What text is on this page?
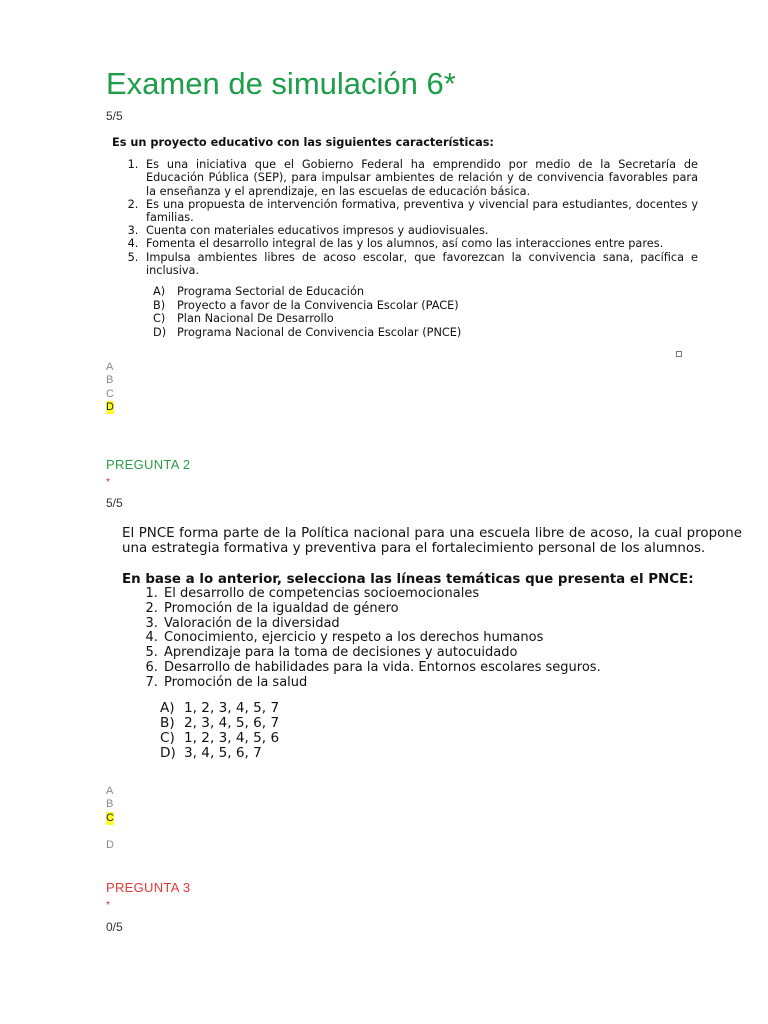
Examen de simulación 6*
5/5
Es un proyecto educativo con las siguientes características:
1. Es una iniciativa que el Gobierno Federal ha emprendido por medio de la Secretaría de Educación Pública (SEP), para impulsar ambientes de relación y de convivencia favorables para la enseñanza y el aprendizaje, en las escuelas de educación básica.
2. Es una propuesta de intervención formativa, preventiva y vivencial para estudiantes, docentes y familias.
3. Cuenta con materiales educativos impresos y audiovisuales.
4. Fomenta el desarrollo integral de las y los alumnos, así como las interacciones entre pares.
5. Impulsa ambientes libres de acoso escolar, que favorezcan la convivencia sana, pacífica e inclusiva.
A) Programa Sectorial de Educación
B) Proyecto a favor de la Convivencia Escolar (PACE)
C) Plan Nacional De Desarrollo
D) Programa Nacional de Convivencia Escolar (PNCE)
A
B
C
D
PREGUNTA 2
*
5/5

El PNCE forma parte de la Política nacional para una escuela libre de acoso, la cual propone una estrategia formativa y preventiva para el fortalecimiento personal de los alumnos.

En base a lo anterior, selecciona las líneas temáticas que presenta el PNCE:

1. El desarrollo de competencias socioemocionales
2. Promoción de la igualdad de género
3. Valoración de la diversidad
4. Conocimiento, ejercicio y respeto a los derechos humanos
5. Aprendizaje para la toma de decisiones y autocuidado
6. Desarrollo de habilidades para la vida. Entornos escolares seguros.
7. Promoción de la salud
A) 1, 2, 3, 4, 5, 7
B) 2, 3, 4, 5, 6, 7
C) 1, 2, 3, 4, 5, 6
D) 3, 4, 5, 6, 7
A
B
C
D
PREGUNTA 3
*
0/5
